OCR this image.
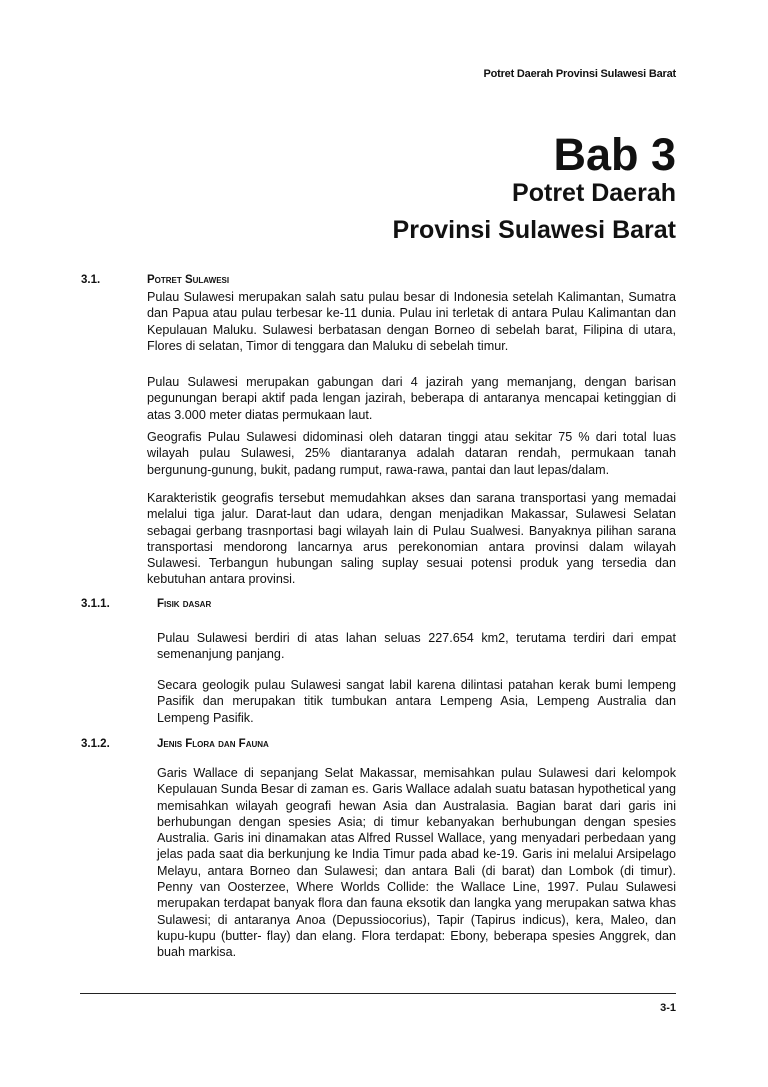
Potret Daerah Provinsi Sulawesi Barat
Bab 3
Potret Daerah
Provinsi Sulawesi Barat
3.1.	Potret Sulawesi

Pulau Sulawesi merupakan salah satu pulau besar di Indonesia setelah Kalimantan, Sumatra dan Papua atau pulau terbesar ke-11 dunia. Pulau ini terletak di antara Pulau Kalimantan dan Kepulauan Maluku. Sulawesi berbatasan dengan Borneo di sebelah barat, Filipina di utara, Flores di selatan, Timor di tenggara dan Maluku di sebelah timur.

Pulau Sulawesi merupakan gabungan dari 4 jazirah yang memanjang, dengan barisan pegunungan berapi aktif pada lengan jazirah, beberapa di antaranya mencapai ketinggian di atas 3.000 meter diatas permukaan laut.

Geografis Pulau Sulawesi didominasi oleh dataran tinggi atau sekitar 75 % dari total luas wilayah pulau Sulawesi, 25% diantaranya adalah dataran rendah, permukaan tanah bergunung-gunung, bukit, padang rumput, rawa-rawa, pantai dan laut lepas/dalam.

Karakteristik geografis tersebut memudahkan akses dan sarana transportasi yang memadai melalui tiga jalur. Darat-laut dan udara, dengan menjadikan Makassar, Sulawesi Selatan sebagai gerbang trasnportasi bagi wilayah lain di Pulau Sualwesi. Banyaknya pilihan sarana transportasi mendorong lancarnya arus perekonomian antara provinsi dalam wilayah Sulawesi. Terbangun hubungan saling suplay sesuai potensi produk yang tersedia dan kebutuhan antara provinsi.

3.1.1.	Fisik dasar

Pulau Sulawesi berdiri di atas lahan seluas 227.654 km2, terutama terdiri dari empat semenanjung panjang.

Secara geologik pulau Sulawesi sangat labil karena dilintasi patahan kerak bumi lempeng Pasifik dan merupakan titik tumbukan antara Lempeng Asia, Lempeng Australia dan Lempeng Pasifik.

3.1.2.	Jenis Flora dan Fauna

Garis Wallace di sepanjang Selat Makassar, memisahkan pulau Sulawesi dari kelompok Kepulauan Sunda Besar di zaman es. Garis Wallace adalah suatu batasan hypothetical yang memisahkan wilayah geografi hewan Asia dan Australasia. Bagian barat dari garis ini berhubungan dengan spesies Asia; di timur kebanyakan berhubungan dengan spesies Australia. Garis ini dinamakan atas Alfred Russel Wallace, yang menyadari perbedaan yang jelas pada saat dia berkunjung ke India Timur pada abad ke-19. Garis ini melalui Arsipelago Melayu, antara Borneo dan Sulawesi; dan antara Bali (di barat) dan Lombok (di timur). Penny van Oosterzee, Where Worlds Collide: the Wallace Line, 1997. Pulau Sulawesi merupakan terdapat banyak flora dan fauna eksotik dan langka yang merupakan satwa khas Sulawesi; di antaranya Anoa (Depussiocorius), Tapir (Tapirus indicus), kera, Maleo, dan kupu-kupu (butter- flay) dan elang. Flora terdapat: Ebony, beberapa spesies Anggrek, dan buah markisa.

3-1
